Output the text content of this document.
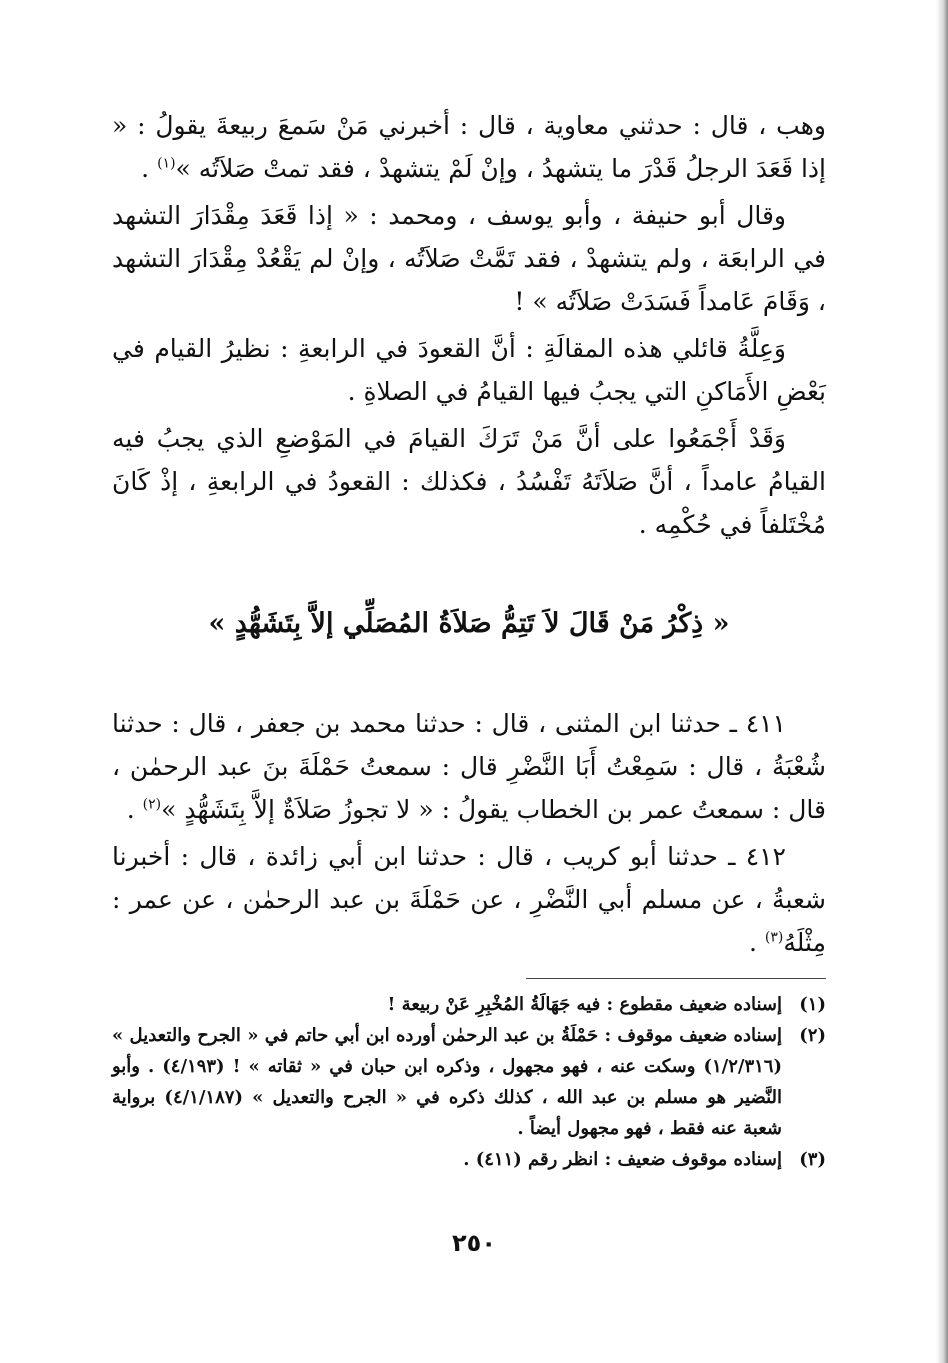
وهب ، قال : حدثني معاوية ، قال : أخبرني مَنْ سَمعَ ربيعةَ يقولُ : « إذا قَعَدَ الرجلُ قَدْرَ ما يتشهدُ ، وإنْ لَمْ يتشهدْ ، فقد تمتْ صَلاَتُه »$^{(١)}$ .

وقال أبو حنيفة ، وأبو يوسف ، ومحمد : « إذا قَعَدَ مِقْدَارَ التشهد في الرابعَة ، ولم يتشهدْ ، فقد تَمَّتْ صَلاَتُه ، وإنْ لم يَقْعُدْ مِقْدَارَ التشهد ، وَقَامَ عَامداً فَسَدَتْ صَلاَتُه » !

وَعِلَّةُ قائلي هذه المقالَةِ : أنَّ القعودَ في الرابعةِ : نظيرُ القيام في بَعْضِ الأَمَاكنِ التي يجبُ فيها القيامُ في الصلاةِ .

وَقَدْ أَجْمَعُوا على أنَّ مَنْ تَرَكَ القيامَ في المَوْضعِ الذي يجبُ فيه القيامُ عامداً ، أنَّ صَلاَتَهُ تَفْسُدُ ، فكذلك : القعودُ في الرابعةِ ، إذْ كَانَ مُخْتَلفاً في حُكْمِه .

« ذِكْرُ مَنْ قَالَ لاَ تَتِمُّ صَلاَةُ المُصَلِّي إلاَّ بِتَشَهُّدٍ »

٤١١ ـ حدثنا ابن المثنى ، قال : حدثنا محمد بن جعفر ، قال : حدثنا شُعْبَةُ ، قال : سَمِعْتُ أَبَا النَّضْرِ قال : سمعتُ حَمْلَةَ بنَ عبد الرحمٰن ، قال : سمعتُ عمر بن الخطاب يقولُ : « لا تجوزُ صَلاَةٌ إلاَّ بِتَشَهُّدٍ »$^{(٢)}$ .

٤١٢ ـ حدثنا أبو كريب ، قال : حدثنا ابن أبي زائدة ، قال : أخبرنا شعبةُ ، عن مسلم أبي النَّضْرِ ، عن حَمْلَةَ بن عبد الرحمٰن ، عن عمر : مِثْلَهُ$^{(٣)}$ .

(١)
إسناده ضعيف مقطوع : فيه جَهَالَةُ المُخْبِرِ عَنْ ربيعة !
(٢)
إسناده ضعيف موقوف : حَمْلَةُ بن عبد الرحمٰن أورده ابن أبي حاتم في « الجرح والتعديل » (١/٢/٣١٦) وسكت عنه ، فهو مجهول ، وذكره ابن حبان في « ثقاته » ! (٤/١٩٣) . وأبو النَّضير هو مسلم بن عبد الله ، كذلك ذكره في « الجرح والتعديل » (٤/١/١٨٧) برواية شعبة عنه فقط ، فهو مجهول أيضاً .
(٣)
إسناده موقوف ضعيف : انظر رقم (٤١١) .
٢٥٠
